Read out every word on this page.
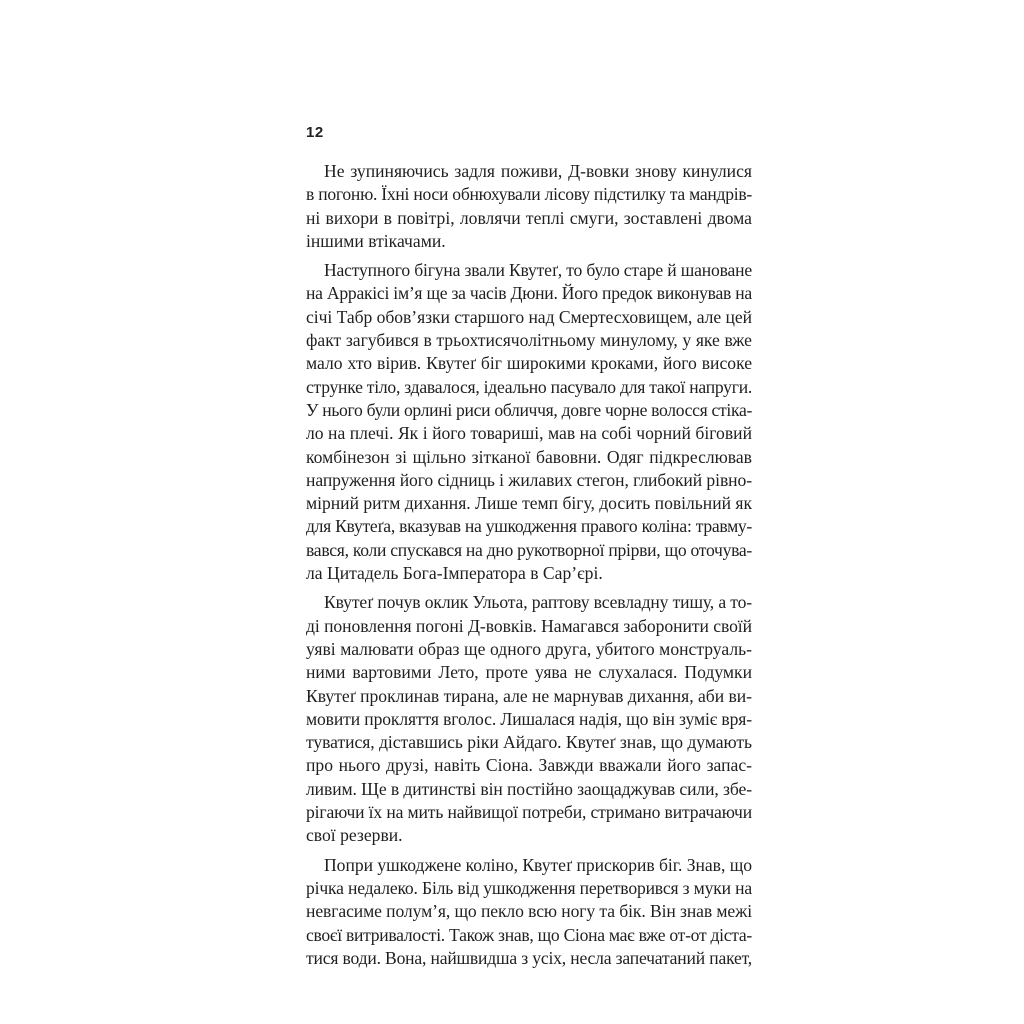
12
Не зупиняючись задля поживи, Д-вовки знову кинулися
в погоню. Їхні носи обнюхували лісову підстилку та мандрів-
ні вихори в повітрі, ловлячи теплі смуги, зоставлені двома
іншими втікачами.
Наступного бігуна звали Квутеґ, то було старе й шановане
на Арракісі ім’я ще за часів Дюни. Його предок виконував на
січі Табр обов’язки старшого над Смертесховищем, але цей
факт загубився в трьохтисячолітньому минулому, у яке вже
мало хто вірив. Квутеґ біг широкими кроками, його високе
струнке тіло, здавалося, ідеально пасувало для такої напруги.
У нього були орлині риси обличчя, довге чорне волосся стіка-
ло на плечі. Як і його товариші, мав на собі чорний біговий
комбінезон зі щільно зітканої бавовни. Одяг підкреслював
напруження його сідниць і жилавих стегон, глибокий рівно-
мірний ритм дихання. Лише темп бігу, досить повільний як
для Квутеґа, вказував на ушкодження правого коліна: травму-
вався, коли спускався на дно рукотворної прірви, що оточува-
ла Цитадель Бога-Імператора в Сар’єрі.
Квутеґ почув оклик Ульота, раптову всевладну тишу, а то-
ді поновлення погоні Д-вовків. Намагався заборонити своїй
уяві малювати образ ще одного друга, убитого монструаль-
ними вартовими Лето, проте уява не слухалася. Подумки
Квутеґ проклинав тирана, але не марнував дихання, аби ви-
мовити прокляття вголос. Лишалася надія, що він зуміє вря-
туватися, діставшись ріки Айдаго. Квутеґ знав, що думають
про нього друзі, навіть Сіона. Завжди вважали його запас-
ливим. Ще в дитинстві він постійно заощаджував сили, збе-
рігаючи їх на мить найвищої потреби, стримано витрачаючи
свої резерви.
Попри ушкоджене коліно, Квутеґ прискорив біг. Знав, що
річка недалеко. Біль від ушкодження перетворився з муки на
невгасиме полум’я, що пекло всю ногу та бік. Він знав межі
своєї витривалості. Також знав, що Сіона має вже от-от діста-
тися води. Вона, найшвидша з усіх, несла запечатаний пакет,
